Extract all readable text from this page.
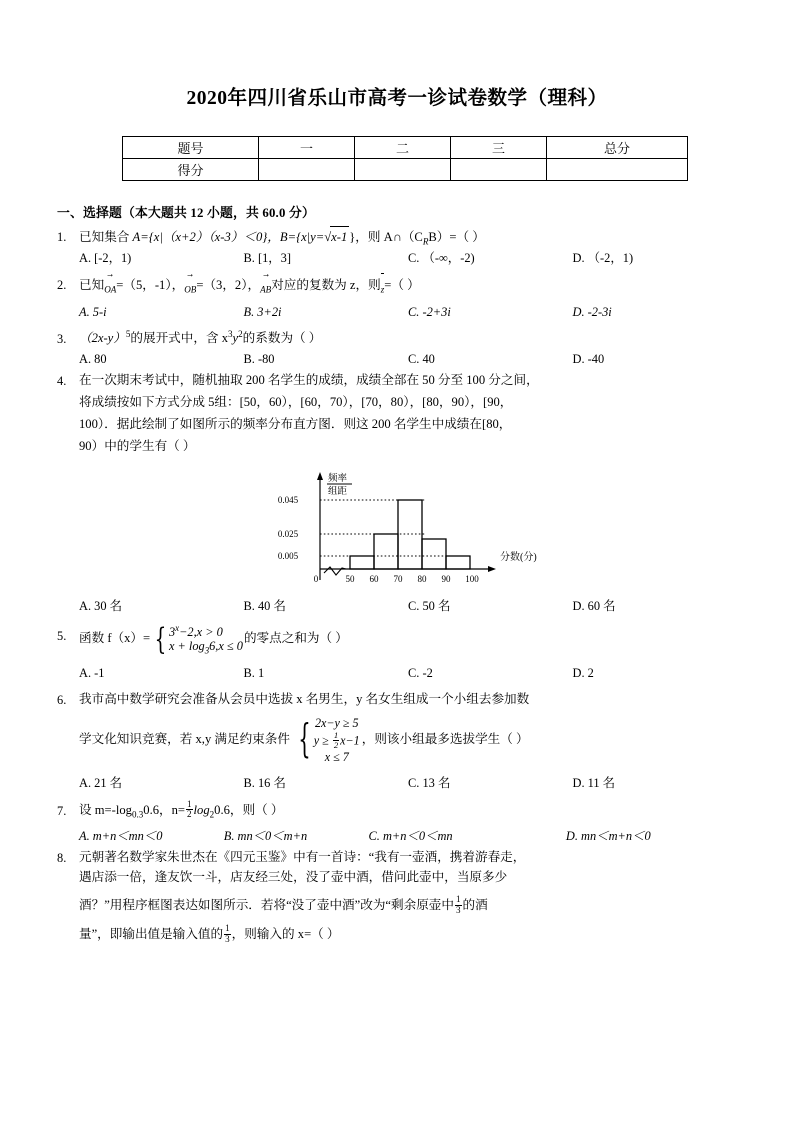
2020年四川省乐山市高考一诊试卷数学（理科）
题号	一	二	三	总分
得分				
一、选择题（本大题共 12 小题，共 60.0 分）
1.	已知集合 A={x|（x+2）（x-3）＜0}，B={x|y=√x-1 }，则 $A\cap(C_RB)=$（ ）
A. [-2，1)	B. [1，3]	C. （-∞，-2)	D. （-2，1)
2.	已知→ $_{OA}$=（5，-1），→ $_{OB}$=（3，2），→ $_{AB}$对应的复数为 z，则$_z$=（ ）
A. 5-i	B. 3+2i	C. -2+3i	D. -2-3i
3.	$(2x-y)^5$的展开式中，含 $x^3y^2$的系数为（ ）
A. 80	B. -80	C. 40	D. -40
4.	在一次期末考试中，随机抽取 200 名学生的成绩，成绩全部在 50 分至 100 分之间，
将成绩按如下方式分成 5组：[50，60），[60，70），[70，80），[80，90），[90，
100）．据此绘制了如图所示的频率分布直方图．则这 200 名学生中成绩在[80，
90）中的学生有（ ）
频率
组距
0.045
0.025
0.005
0	50 60 70 80 90 100
分数(分)
A. 30 名	B. 40 名	C. 50 名	D. 60 名
5.	函数 f（x）= { $3^x-2,x > 0$
$x + \log_36,x \le 0$
的零点之和为（ ）
A. -1	B. 1	C. -2	D. 2
6.	我市高中数学研究会准备从会员中选拔 x 名男生，y 名女生组成一个小组去参加数
学文化知识竞赛，若 x,y 满足约束条件 { 2x−y ≥ 5
$y \ge \frac{1}{2} x-1$
x ≤ 7
，则该小组最多选拔学生（ ）
A. 21 名	B. 16 名	C. 13 名	D. 11 名
7.	设 $m=-\log_{0.3}0.6$，$n= \frac{1}{2} \log_20.6$，则（ ）
A. m+n＜mn＜0	B. mn＜0＜m+n	C. m+n＜0＜mn	D. mn＜m+n＜0
8.	元朝著名数学家朱世杰在《四元玉鉴》中有一首诗：“我有一壶酒，携着游春走，
遇店添一倍，逢友饮一斗，店友经三处，没了壶中酒，借问此壶中，当原多少
酒？”用程序框图表达如图所示．若将“没了壶中酒”改为“剩余原壶中 $\frac{1}{3}$ 的酒
量”，即输出值是输入值的 $\frac{1}{3}$ ，则输入的 x=（ ）
